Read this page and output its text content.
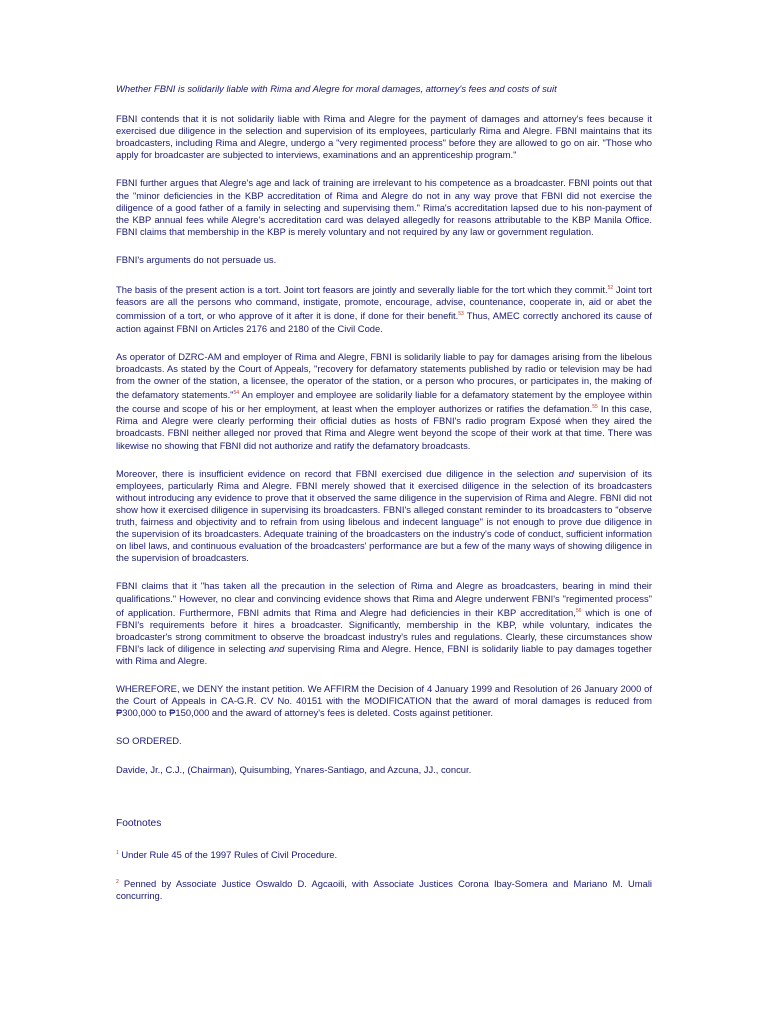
Whether FBNI is solidarily liable with Rima and Alegre for moral damages, attorney's fees and costs of suit

FBNI contends that it is not solidarily liable with Rima and Alegre for the payment of damages and attorney's fees because it exercised due diligence in the selection and supervision of its employees, particularly Rima and Alegre. FBNI maintains that its broadcasters, including Rima and Alegre, undergo a "very regimented process" before they are allowed to go on air. "Those who apply for broadcaster are subjected to interviews, examinations and an apprenticeship program."

FBNI further argues that Alegre's age and lack of training are irrelevant to his competence as a broadcaster. FBNI points out that the "minor deficiencies in the KBP accreditation of Rima and Alegre do not in any way prove that FBNI did not exercise the diligence of a good father of a family in selecting and supervising them." Rima's accreditation lapsed due to his non-payment of the KBP annual fees while Alegre's accreditation card was delayed allegedly for reasons attributable to the KBP Manila Office. FBNI claims that membership in the KBP is merely voluntary and not required by any law or government regulation.

FBNI's arguments do not persuade us.

The basis of the present action is a tort. Joint tort feasors are jointly and severally liable for the tort which they commit.$^{52}$ Joint tort feasors are all the persons who command, instigate, promote, encourage, advise, countenance, cooperate in, aid or abet the commission of a tort, or who approve of it after it is done, if done for their benefit.$^{53}$ Thus, AMEC correctly anchored its cause of action against FBNI on Articles 2176 and 2180 of the Civil Code.

As operator of DZRC-AM and employer of Rima and Alegre, FBNI is solidarily liable to pay for damages arising from the libelous broadcasts. As stated by the Court of Appeals, "recovery for defamatory statements published by radio or television may be had from the owner of the station, a licensee, the operator of the station, or a person who procures, or participates in, the making of the defamatory statements."$^{54}$ An employer and employee are solidarily liable for a defamatory statement by the employee within the course and scope of his or her employment, at least when the employer authorizes or ratifies the defamation.$^{55}$ In this case, Rima and Alegre were clearly performing their official duties as hosts of FBNI's radio program Exposé when they aired the broadcasts. FBNI neither alleged nor proved that Rima and Alegre went beyond the scope of their work at that time. There was likewise no showing that FBNI did not authorize and ratify the defamatory broadcasts.

Moreover, there is insufficient evidence on record that FBNI exercised due diligence in the selection and supervision of its employees, particularly Rima and Alegre. FBNI merely showed that it exercised diligence in the selection of its broadcasters without introducing any evidence to prove that it observed the same diligence in the supervision of Rima and Alegre. FBNI did not show how it exercised diligence in supervising its broadcasters. FBNI's alleged constant reminder to its broadcasters to "observe truth, fairness and objectivity and to refrain from using libelous and indecent language" is not enough to prove due diligence in the supervision of its broadcasters. Adequate training of the broadcasters on the industry's code of conduct, sufficient information on libel laws, and continuous evaluation of the broadcasters' performance are but a few of the many ways of showing diligence in the supervision of broadcasters.

FBNI claims that it "has taken all the precaution in the selection of Rima and Alegre as broadcasters, bearing in mind their qualifications." However, no clear and convincing evidence shows that Rima and Alegre underwent FBNI's "regimented process" of application. Furthermore, FBNI admits that Rima and Alegre had deficiencies in their KBP accreditation,$^{56}$ which is one of FBNI's requirements before it hires a broadcaster. Significantly, membership in the KBP, while voluntary, indicates the broadcaster's strong commitment to observe the broadcast industry's rules and regulations. Clearly, these circumstances show FBNI's lack of diligence in selecting and supervising Rima and Alegre. Hence, FBNI is solidarily liable to pay damages together with Rima and Alegre.

WHEREFORE, we DENY the instant petition. We AFFIRM the Decision of 4 January 1999 and Resolution of 26 January 2000 of the Court of Appeals in CA-G.R. CV No. 40151 with the MODIFICATION that the award of moral damages is reduced from ₱300,000 to ₱150,000 and the award of attorney's fees is deleted. Costs against petitioner.

SO ORDERED.

Davide, Jr., C.J., (Chairman), Quisumbing, Ynares-Santiago, and Azcuna, JJ., concur.

Footnotes

$^1$ Under Rule 45 of the 1997 Rules of Civil Procedure.

$^2$ Penned by Associate Justice Oswaldo D. Agcaoili, with Associate Justices Corona Ibay-Somera and Mariano M. Umali concurring.
